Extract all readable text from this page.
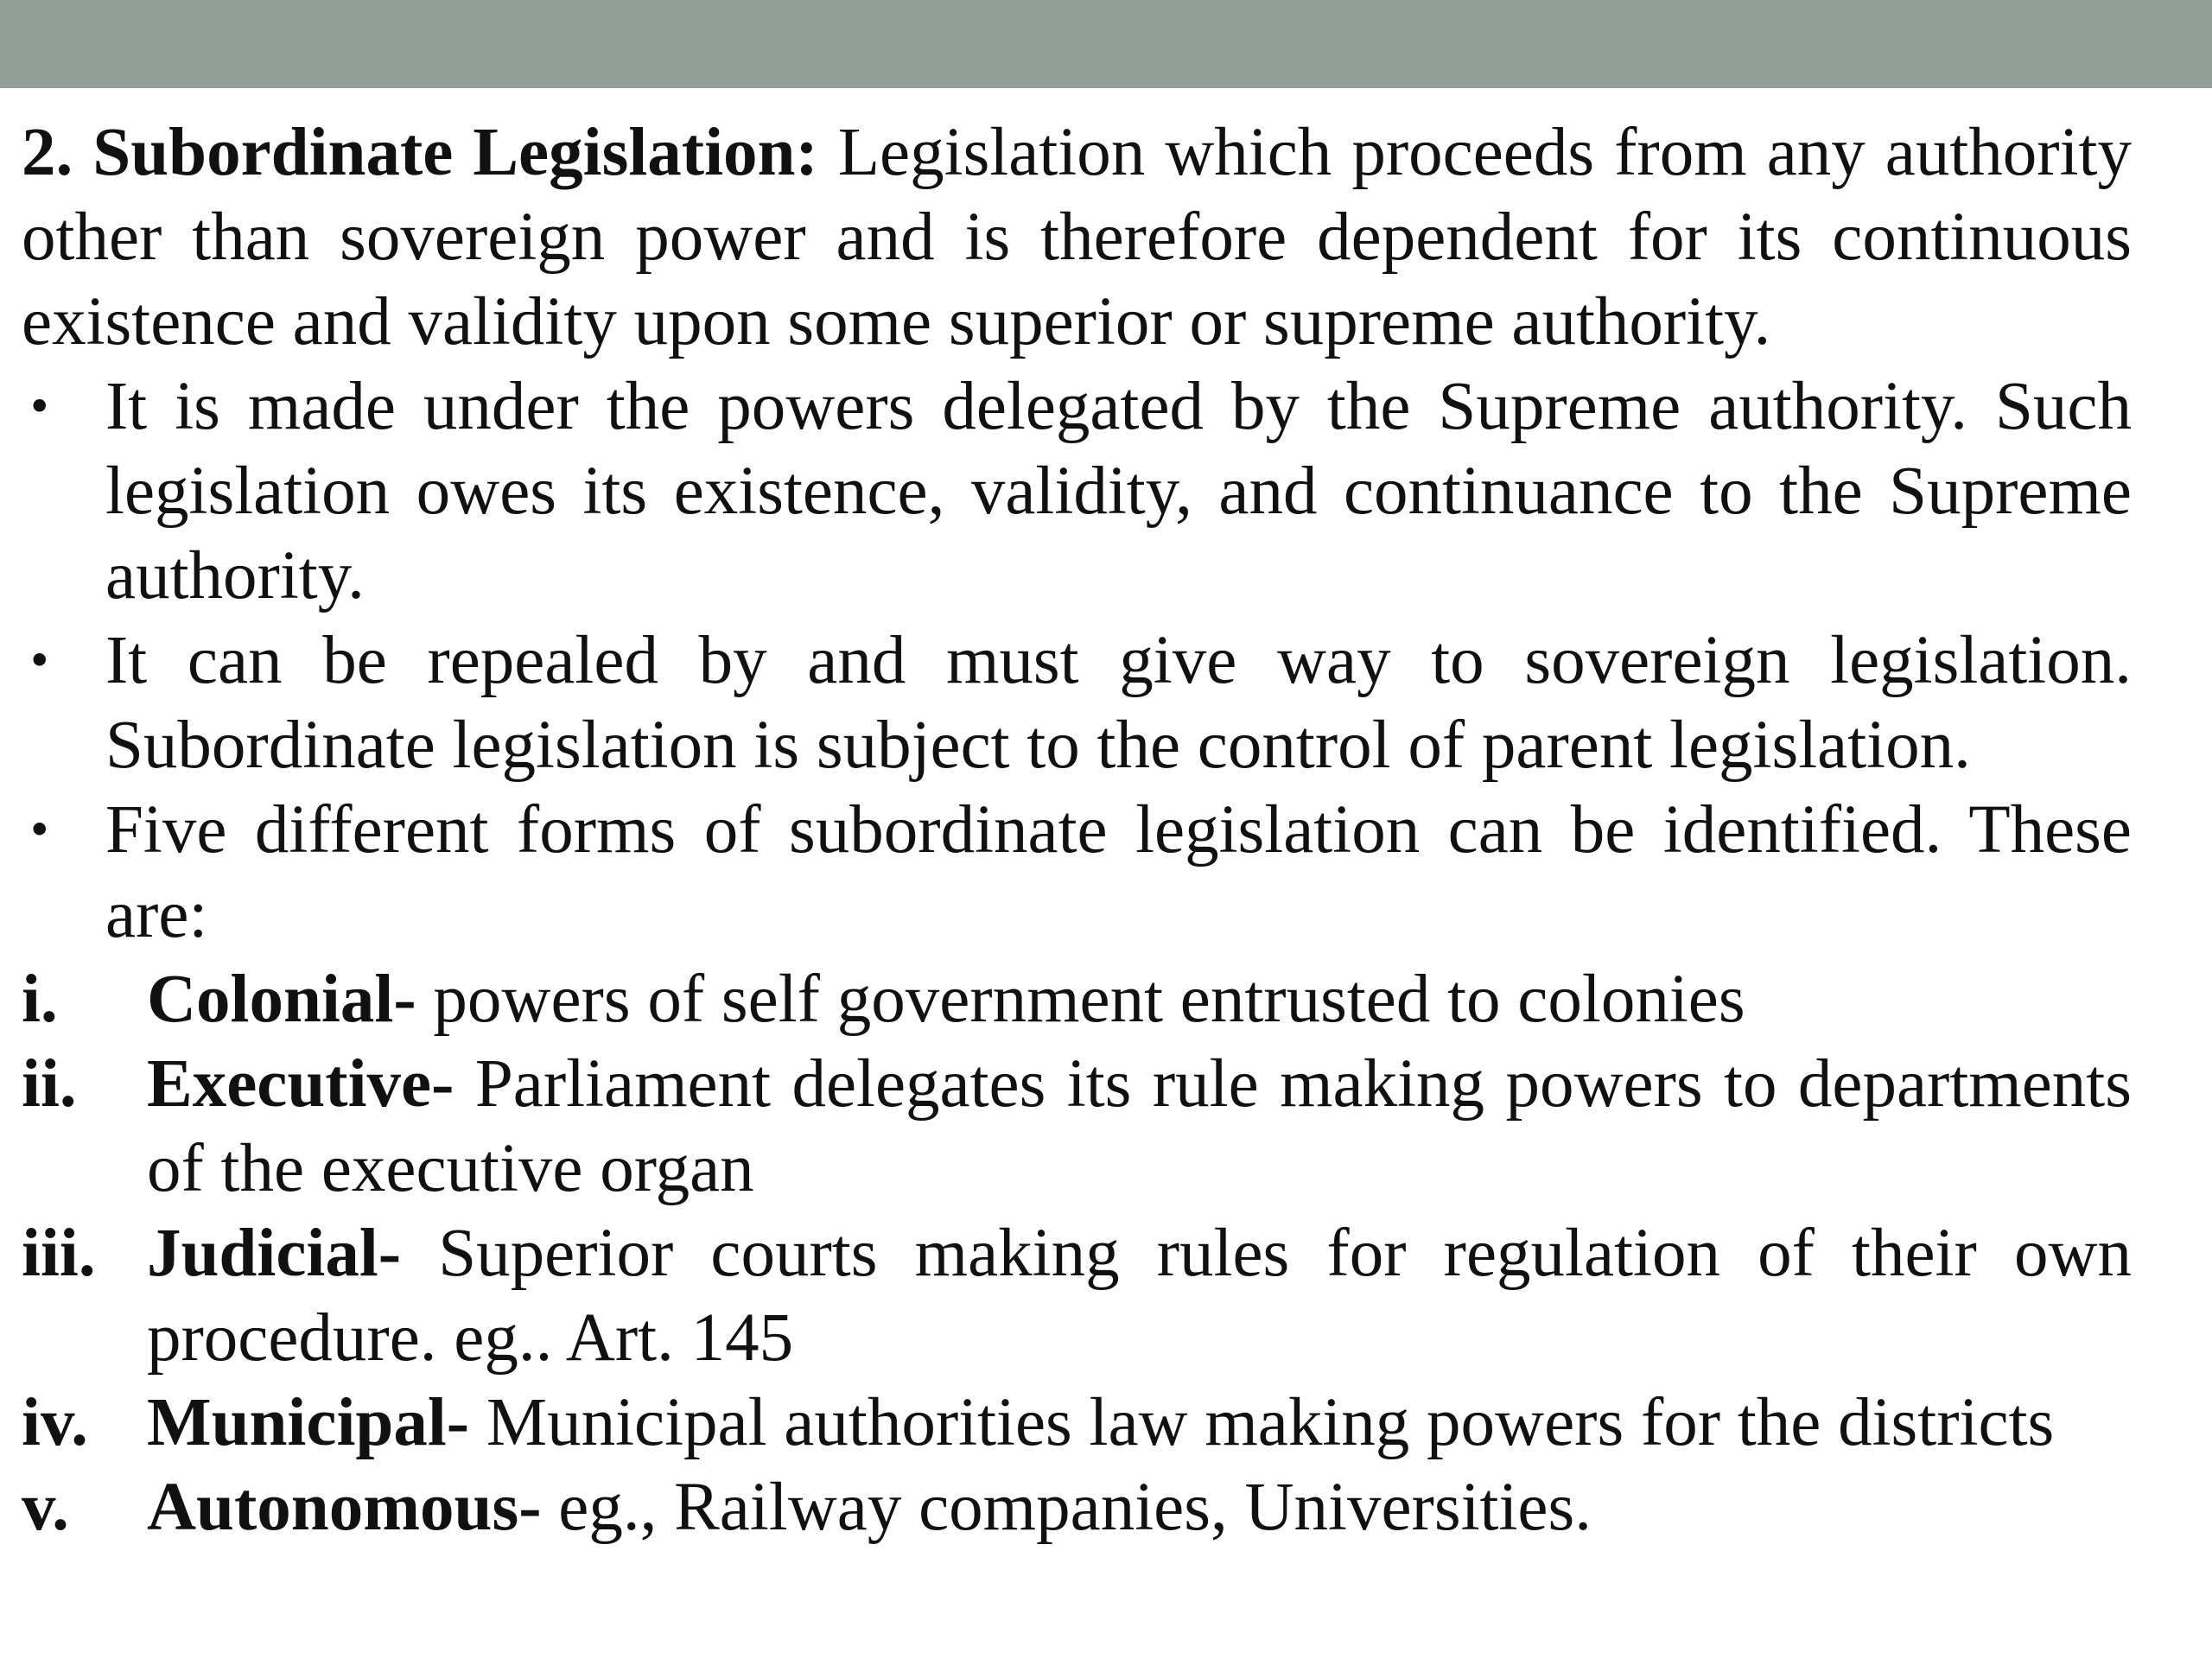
2. Subordinate Legislation: Legislation which proceeds from any authority other than sovereign power and is therefore dependent for its continuous existence and validity upon some superior or supreme authority.

• It is made under the powers delegated by the Supreme authority. Such legislation owes its existence, validity, and continuance to the Supreme authority.
• It can be repealed by and must give way to sovereign legislation. Subordinate legislation is subject to the control of parent legislation.
• Five different forms of subordinate legislation can be identified. These are:
i. Colonial- powers of self government entrusted to colonies
ii. Executive- Parliament delegates its rule making powers to departments of the executive organ
iii. Judicial- Superior courts making rules for regulation of their own procedure. eg.. Art. 145
iv. Municipal- Municipal authorities law making powers for the districts
v. Autonomous- eg., Railway companies, Universities.
